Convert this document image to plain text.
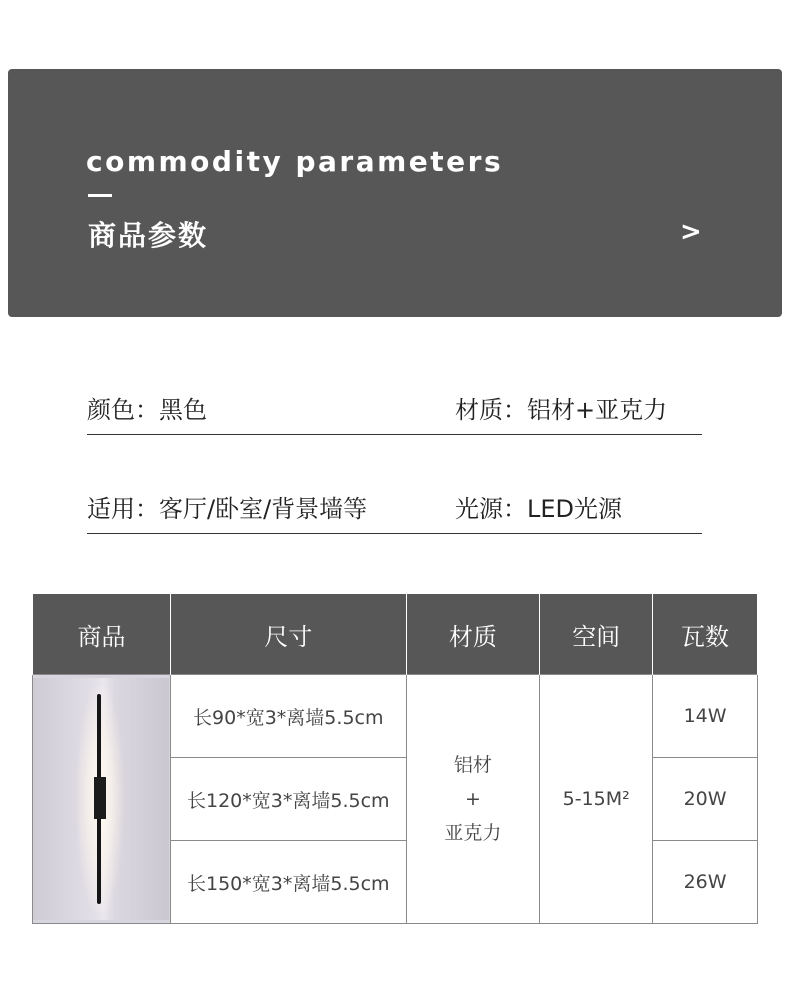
commodity parameters
商品参数	>
颜色：黑色	材质：铝材+亚克力
适用：客厅/卧室/背景墙等	光源：LED光源
商品	尺寸	材质	空间	瓦数

	长90*宽3*离墙5.5cm	铝材
+
亚克力	5-15M²	14W
	长120*宽3*离墙5.5cm			20W
	长150*宽3*离墙5.5cm			26W
